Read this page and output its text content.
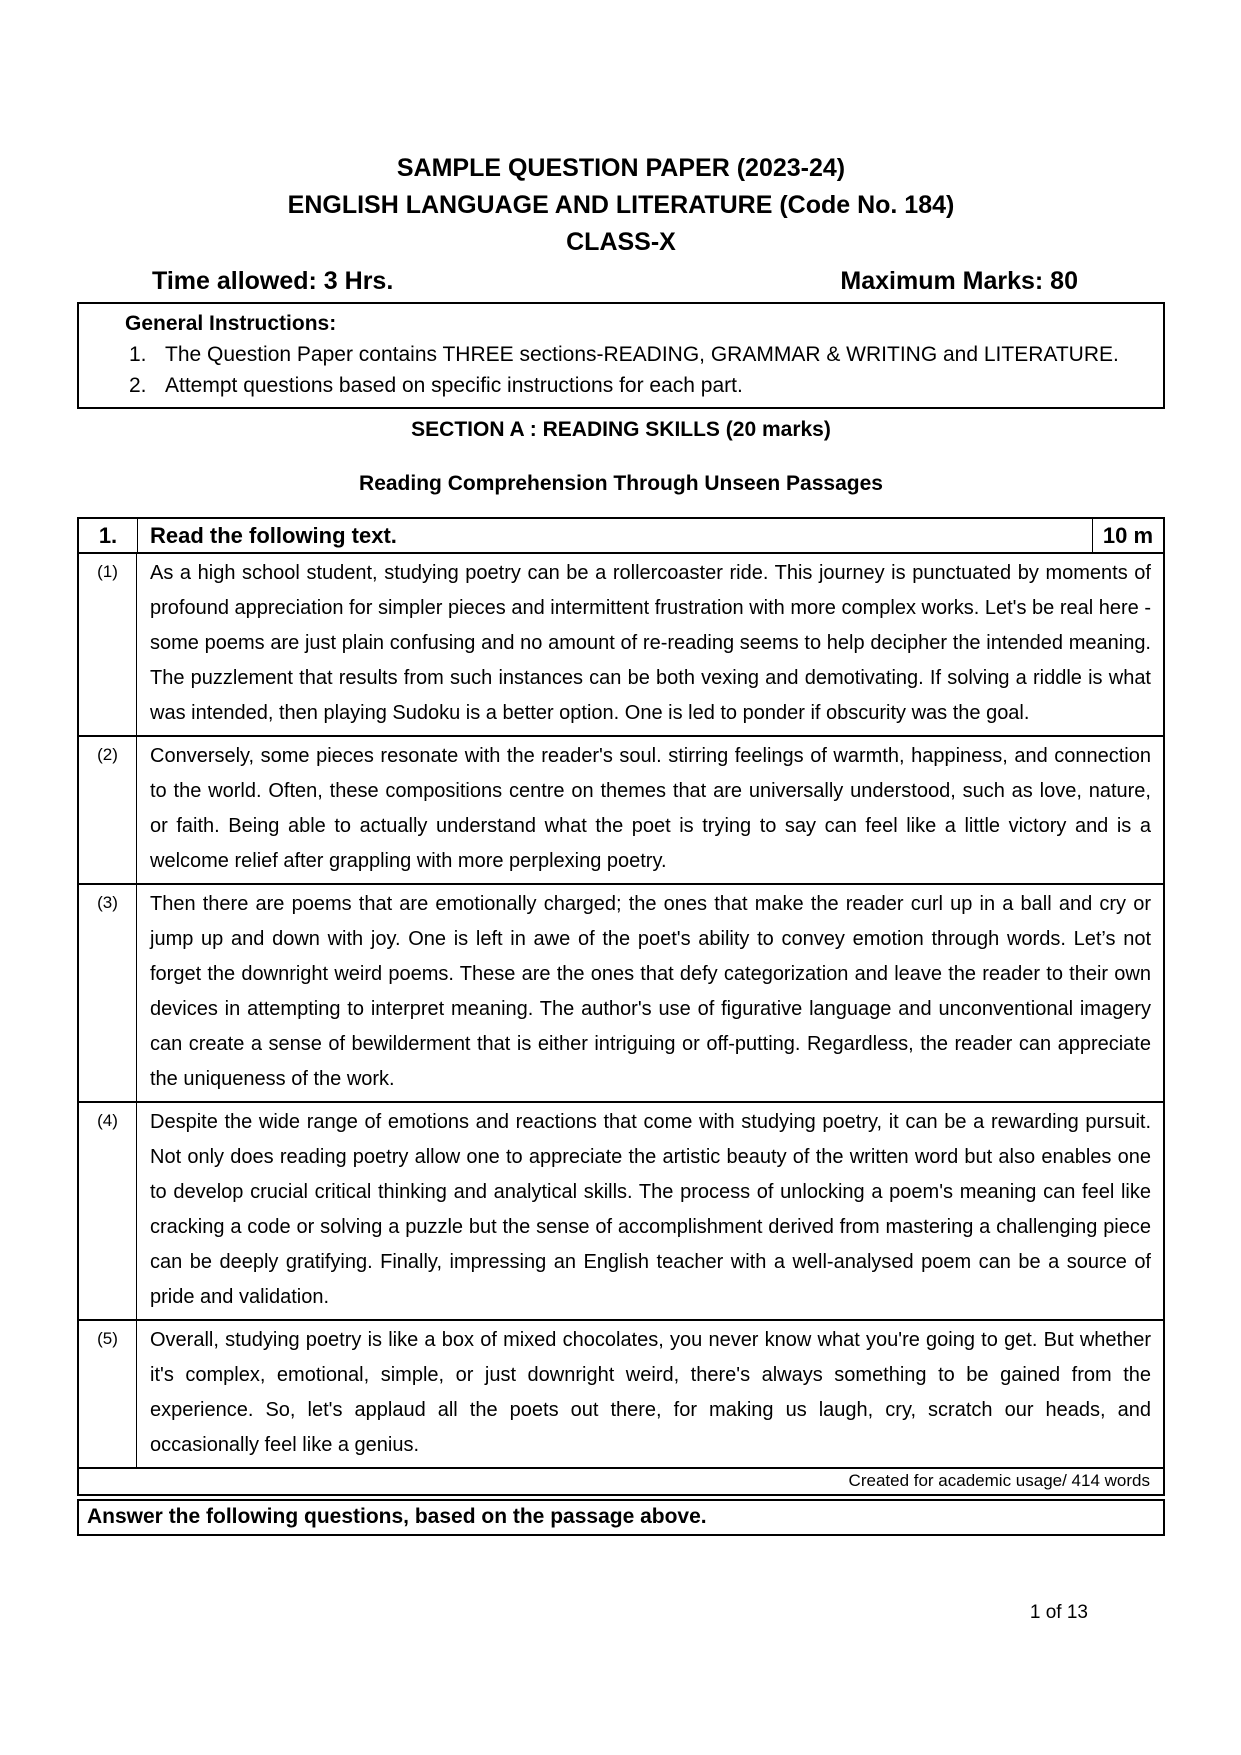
SAMPLE QUESTION PAPER (2023-24)
ENGLISH LANGUAGE AND LITERATURE (Code No. 184)
CLASS-X
Time allowed: 3 Hrs.	Maximum Marks: 80
General Instructions:
1. The Question Paper contains THREE sections-READING, GRAMMAR & WRITING and LITERATURE.
2. Attempt questions based on specific instructions for each part.
SECTION A : READING SKILLS (20 marks)
Reading Comprehension Through Unseen Passages
1.	Read the following text.	10 m
(1)	As a high school student, studying poetry can be a rollercoaster ride. This journey is punctuated by moments of profound appreciation for simpler pieces and intermittent frustration with more complex works. Let's be real here - some poems are just plain confusing and no amount of re-reading seems to help decipher the intended meaning. The puzzlement that results from such instances can be both vexing and demotivating. If solving a riddle is what was intended, then playing Sudoku is a better option. One is led to ponder if obscurity was the goal.
(2)	Conversely, some pieces resonate with the reader's soul. stirring feelings of warmth, happiness, and connection to the world. Often, these compositions centre on themes that are universally understood, such as love, nature, or faith. Being able to actually understand what the poet is trying to say can feel like a little victory and is a welcome relief after grappling with more perplexing poetry.
(3)	Then there are poems that are emotionally charged; the ones that make the reader curl up in a ball and cry or jump up and down with joy. One is left in awe of the poet's ability to convey emotion through words. Let’s not forget the downright weird poems. These are the ones that defy categorization and leave the reader to their own devices in attempting to interpret meaning. The author's use of figurative language and unconventional imagery can create a sense of bewilderment that is either intriguing or off-putting. Regardless, the reader can appreciate the uniqueness of the work.
(4)	Despite the wide range of emotions and reactions that come with studying poetry, it can be a rewarding pursuit. Not only does reading poetry allow one to appreciate the artistic beauty of the written word but also enables one to develop crucial critical thinking and analytical skills. The process of unlocking a poem's meaning can feel like cracking a code or solving a puzzle but the sense of accomplishment derived from mastering a challenging piece can be deeply gratifying. Finally, impressing an English teacher with a well-analysed poem can be a source of pride and validation.
(5)	Overall, studying poetry is like a box of mixed chocolates, you never know what you're going to get. But whether it's complex, emotional, simple, or just downright weird, there's always something to be gained from the experience. So, let's applaud all the poets out there, for making us laugh, cry, scratch our heads, and occasionally feel like a genius.
Created for academic usage/ 414 words
Answer the following questions, based on the passage above.
1 of 13
